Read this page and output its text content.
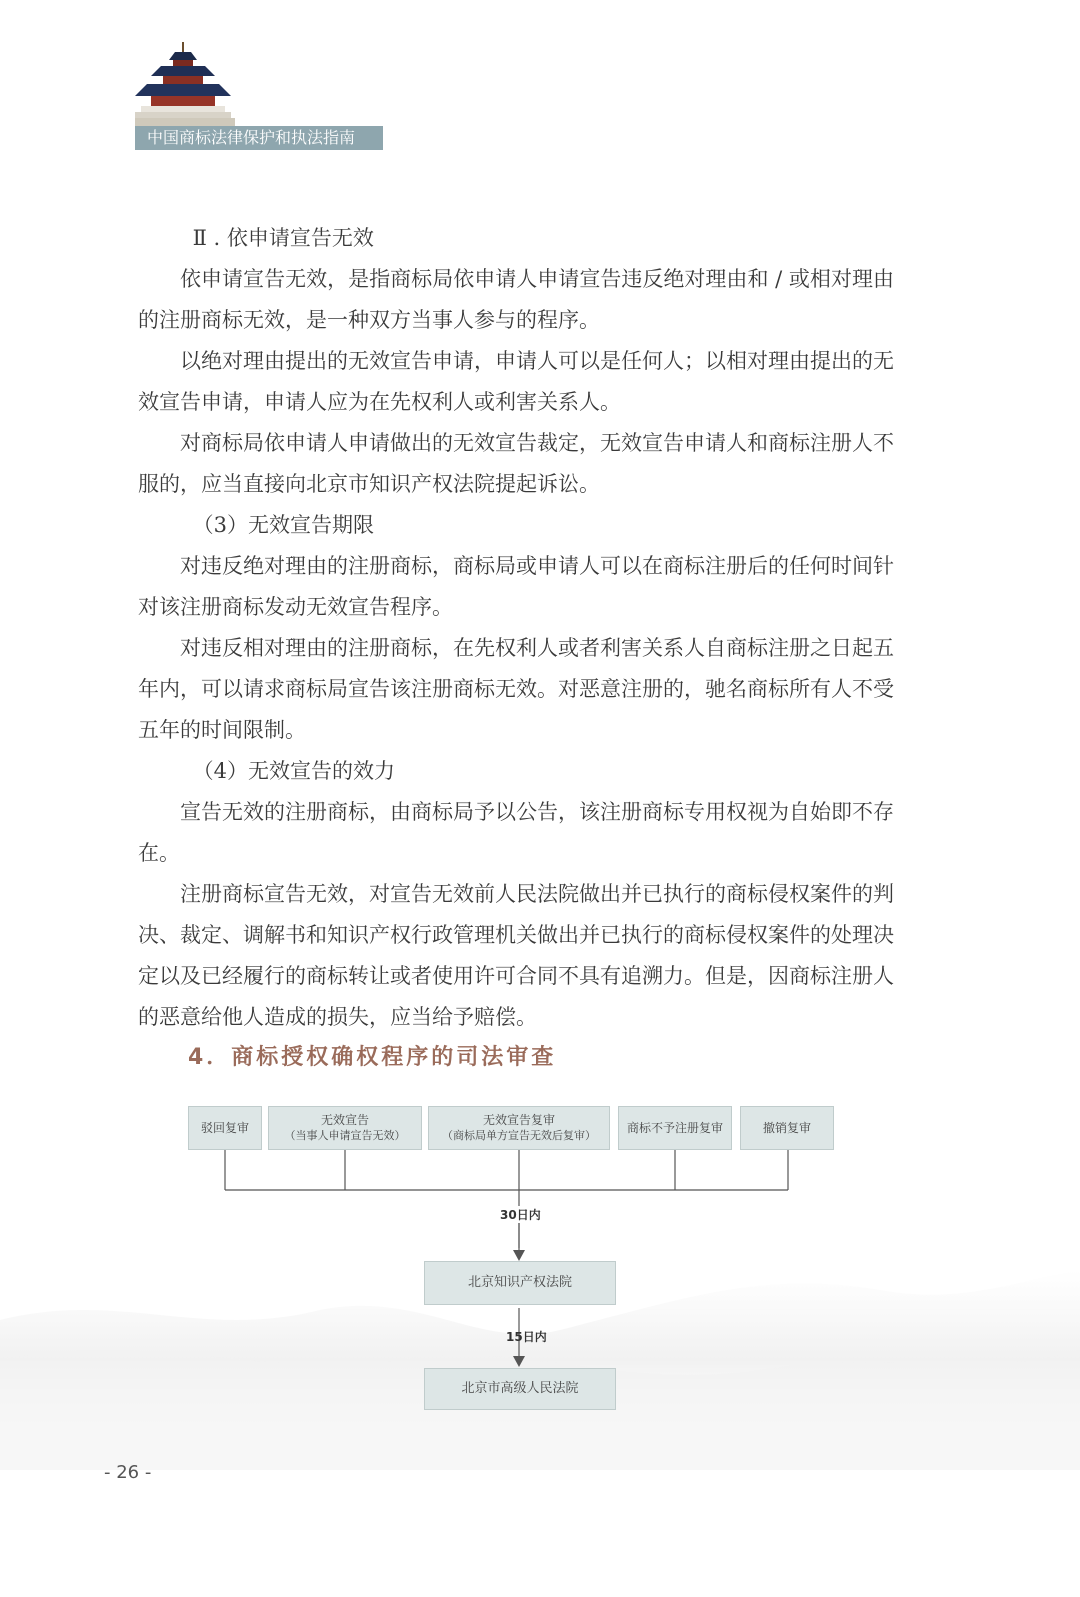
中国商标法律保护和执法指南

Ⅱ . 依申请宣告无效

依申请宣告无效，是指商标局依申请人申请宣告违反绝对理由和 / 或相对理由的注册商标无效，是一种双方当事人参与的程序。

以绝对理由提出的无效宣告申请，申请人可以是任何人；以相对理由提出的无效宣告申请，申请人应为在先权利人或利害关系人。

对商标局依申请人申请做出的无效宣告裁定，无效宣告申请人和商标注册人不服的，应当直接向北京市知识产权法院提起诉讼。

（3）无效宣告期限

对违反绝对理由的注册商标，商标局或申请人可以在商标注册后的任何时间针对该注册商标发动无效宣告程序。

对违反相对理由的注册商标，在先权利人或者利害关系人自商标注册之日起五年内，可以请求商标局宣告该注册商标无效。对恶意注册的，驰名商标所有人不受五年的时间限制。

（4）无效宣告的效力

宣告无效的注册商标，由商标局予以公告，该注册商标专用权视为自始即不存在。

注册商标宣告无效，对宣告无效前人民法院做出并已执行的商标侵权案件的判决、裁定、调解书和知识产权行政管理机关做出并已执行的商标侵权案件的处理决定以及已经履行的商标转让或者使用许可合同不具有追溯力。但是，因商标注册人的恶意给他人造成的损失，应当给予赔偿。

4．商标授权确权程序的司法审查
驳回复审
无效宣告
（当事人申请宣告无效）
无效宣告复审
（商标局单方宣告无效后复审）
商标不予注册复审	撤销复审
30日内
北京知识产权法院
15日内
北京市高级人民法院
- 26 -
